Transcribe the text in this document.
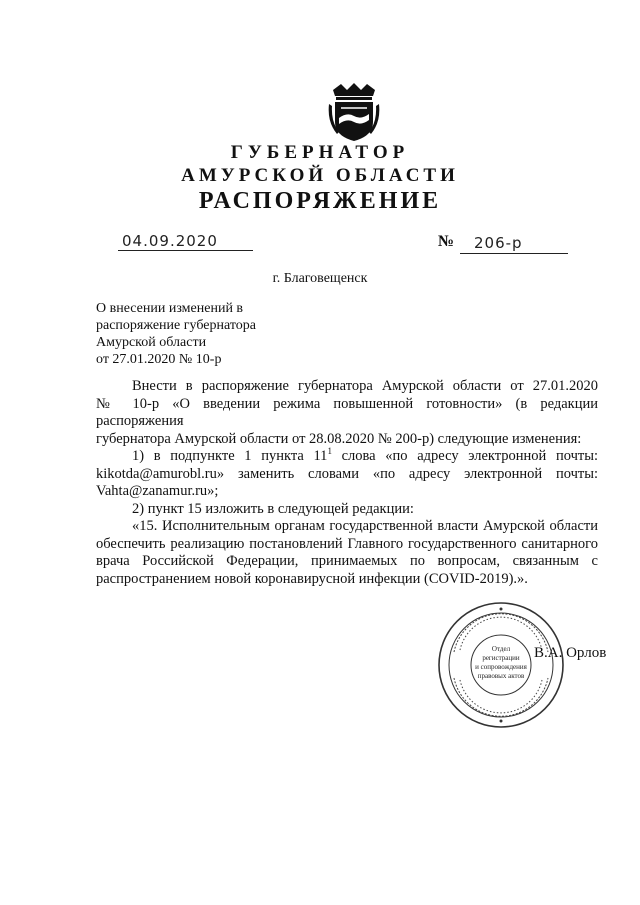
ГУБЕРНАТОР
АМУРСКОЙ ОБЛАСТИ
РАСПОРЯЖЕНИЕ
04.09.2020	№ 206-р
г. Благовещенск
О внесении изменений в
распоряжение губернатора
Амурской области
от 27.01.2020 № 10-р

Внести в распоряжение губернатора Амурской области от 27.01.2020

№ 10-р «О введении режима повышенной готовности» (в редакции распоряжения

губернатора Амурской области от 28.08.2020 № 200-р) следующие изменения:

1) в подпункте 1 пункта $11^1$ слова «по адресу электронной почты:

kikotda@amurobl.ru» заменить словами «по адресу электронной почты:

Vahta@zanamur.ru»;

2) пункт 15 изложить в следующей редакции:

«15. Исполнительным органам государственной власти Амурской области

обеспечить реализацию постановлений Главного государственного санитарного

врача Российской Федерации, принимаемых по вопросам, связанным с

распространением новой коронавирусной инфекции (COVID-2019).».

Отдел
регистрации
и сопровождения
правовых актов
В.А. Орлов
